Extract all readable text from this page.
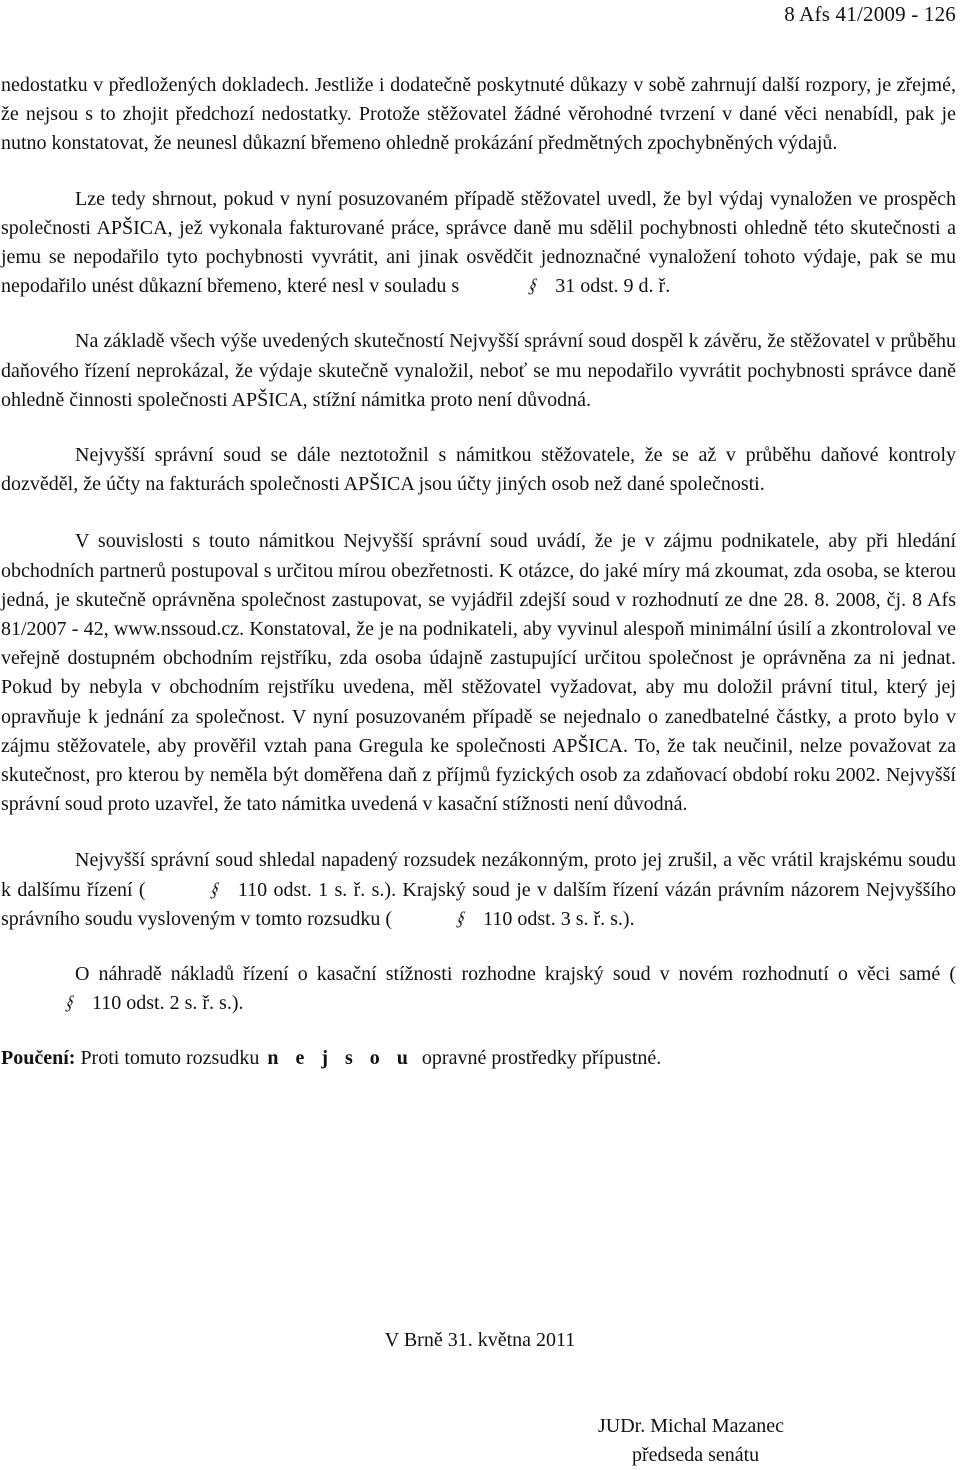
8 Afs 41/2009 - 126

nedostatku v předložených dokladech. Jestliže i dodatečně poskytnuté důkazy v sobě zahrnují další rozpory, je zřejmé, že nejsou s to zhojit předchozí nedostatky. Protože stěžovatel žádné věrohodné tvrzení v dané věci nenabídl, pak je nutno konstatovat, že neunesl důkazní břemeno ohledně prokázání předmětných zpochybněných výdajů.

Lze tedy shrnout, pokud v nyní posuzovaném případě stěžovatel uvedl, že byl výdaj vynaložen ve prospěch společnosti APŠICA, jež vykonala fakturované práce, správce daně mu sdělil pochybnosti ohledně této skutečnosti a jemu se nepodařilo tyto pochybnosti vyvrátit, ani jinak osvědčit jednoznačné vynaložení tohoto výdaje, pak se mu nepodařilo unést důkazní břemeno, které nesl v souladu s	§ 31 odst. 9 d. ř.

Na základě všech výše uvedených skutečností Nejvyšší správní soud dospěl k závěru, že stěžovatel v průběhu daňového řízení neprokázal, že výdaje skutečně vynaložil, neboť se mu nepodařilo vyvrátit pochybnosti správce daně ohledně činnosti společnosti APŠICA, stížní námitka proto není důvodná.

Nejvyšší správní soud se dále neztotožnil s námitkou stěžovatele, že se až v průběhu daňové kontroly dozvěděl, že účty na fakturách společnosti APŠICA jsou účty jiných osob než dané společnosti.

V souvislosti s touto námitkou Nejvyšší správní soud uvádí, že je v zájmu podnikatele, aby při hledání obchodních partnerů postupoval s určitou mírou obezřetnosti. K otázce, do jaké míry má zkoumat, zda osoba, se kterou jedná, je skutečně oprávněna společnost zastupovat, se vyjádřil zdejší soud v rozhodnutí ze dne 28. 8. 2008, čj. 8 Afs 81/2007 - 42, www.nssoud.cz. Konstatoval, že je na podnikateli, aby vyvinul alespoň minimální úsilí a zkontroloval ve veřejně dostupném obchodním rejstříku, zda osoba údajně zastupující určitou společnost je oprávněna za ni jednat. Pokud by nebyla v obchodním rejstříku uvedena, měl stěžovatel vyžadovat, aby mu doložil právní titul, který jej opravňuje k jednání za společnost. V nyní posuzovaném případě se nejednalo o zanedbatelné částky, a proto bylo v zájmu stěžovatele, aby prověřil vztah pana Gregula ke společnosti APŠICA. To, že tak neučinil, nelze považovat za skutečnost, pro kterou by neměla být doměřena daň z příjmů fyzických osob za zdaňovací období roku 2002. Nejvyšší správní soud proto uzavřel, že tato námitka uvedená v kasační stížnosti není důvodná.

Nejvyšší správní soud shledal napadený rozsudek nezákonným, proto jej zrušil, a věc vrátil krajskému soudu k dalšímu řízení (	§ 110 odst. 1 s. ř. s.). Krajský soud je v dalším řízení vázán právním názorem Nejvyššího správního soudu vysloveným v tomto rozsudku (	§ 110 odst. 3 s. ř. s.).

O náhradě nákladů řízení o kasační stížnosti rozhodne krajský soud v novém rozhodnutí o věci samé (§ 110 odst. 2 s. ř. s.).

Poučení: Proti tomuto rozsudku n e j s o u opravné prostředky přípustné.

V Brně 31. května 2011
JUDr. Michal Mazanec
předseda senátu
